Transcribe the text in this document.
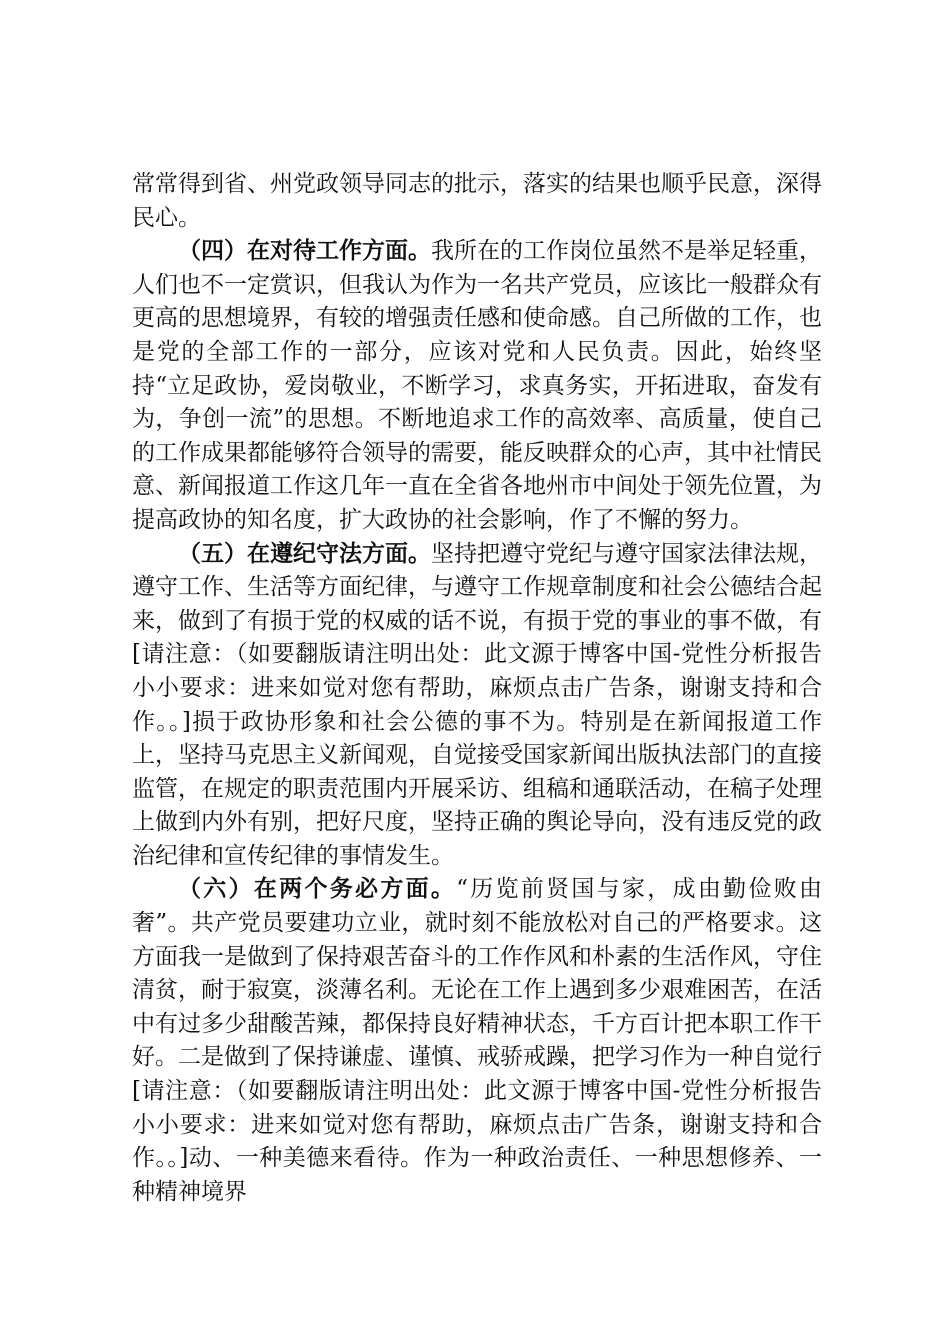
常常得到省、州党政领导同志的批示，落实的结果也顺乎民意，深得民心。

（四）在对待工作方面。我所在的工作岗位虽然不是举足轻重，人们也不一定赏识，但我认为作为一名共产党员，应该比一般群众有更高的思想境界，有较的增强责任感和使命感。自己所做的工作，也是党的全部工作的一部分，应该对党和人民负责。因此，始终坚持“立足政协，爱岗敬业，不断学习，求真务实，开拓进取，奋发有为，争创一流”的思想。不断地追求工作的高效率、高质量，使自己的工作成果都能够符合领导的需要，能反映群众的心声，其中社情民意、新闻报道工作这几年一直在全省各地州市中间处于领先位置，为提高政协的知名度，扩大政协的社会影响，作了不懈的努力。

（五）在遵纪守法方面。坚持把遵守党纪与遵守国家法律法规，遵守工作、生活等方面纪律，与遵守工作规章制度和社会公德结合起来，做到了有损于党的权威的话不说，有损于党的事业的事不做，有[请注意：（如要翻版请注明出处：此文源于博客中国-党性分析报告小小要求：进来如觉对您有帮助，麻烦点击广告条，谢谢支持和合作。。]损于政协形象和社会公德的事不为。特别是在新闻报道工作上，坚持马克思主义新闻观，自觉接受国家新闻出版执法部门的直接监管，在规定的职责范围内开展采访、组稿和通联活动，在稿子处理上做到内外有别，把好尺度，坚持正确的舆论导向，没有违反党的政治纪律和宣传纪律的事情发生。

（六）在两个务必方面。“历览前贤国与家，成由勤俭败由奢”。共产党员要建功立业，就时刻不能放松对自己的严格要求。这方面我一是做到了保持艰苦奋斗的工作作风和朴素的生活作风，守住清贫，耐于寂寞，淡薄名利。无论在工作上遇到多少艰难困苦，在活中有过多少甜酸苦辣，都保持良好精神状态，千方百计把本职工作干好。二是做到了保持谦虚、谨慎、戒骄戒躁，把学习作为一种自觉行[请注意：（如要翻版请注明出处：此文源于博客中国-党性分析报告小小要求：进来如觉对您有帮助，麻烦点击广告条，谢谢支持和合作。。]动、一种美德来看待。作为一种政治责任、一种思想修养、一种精神境界
